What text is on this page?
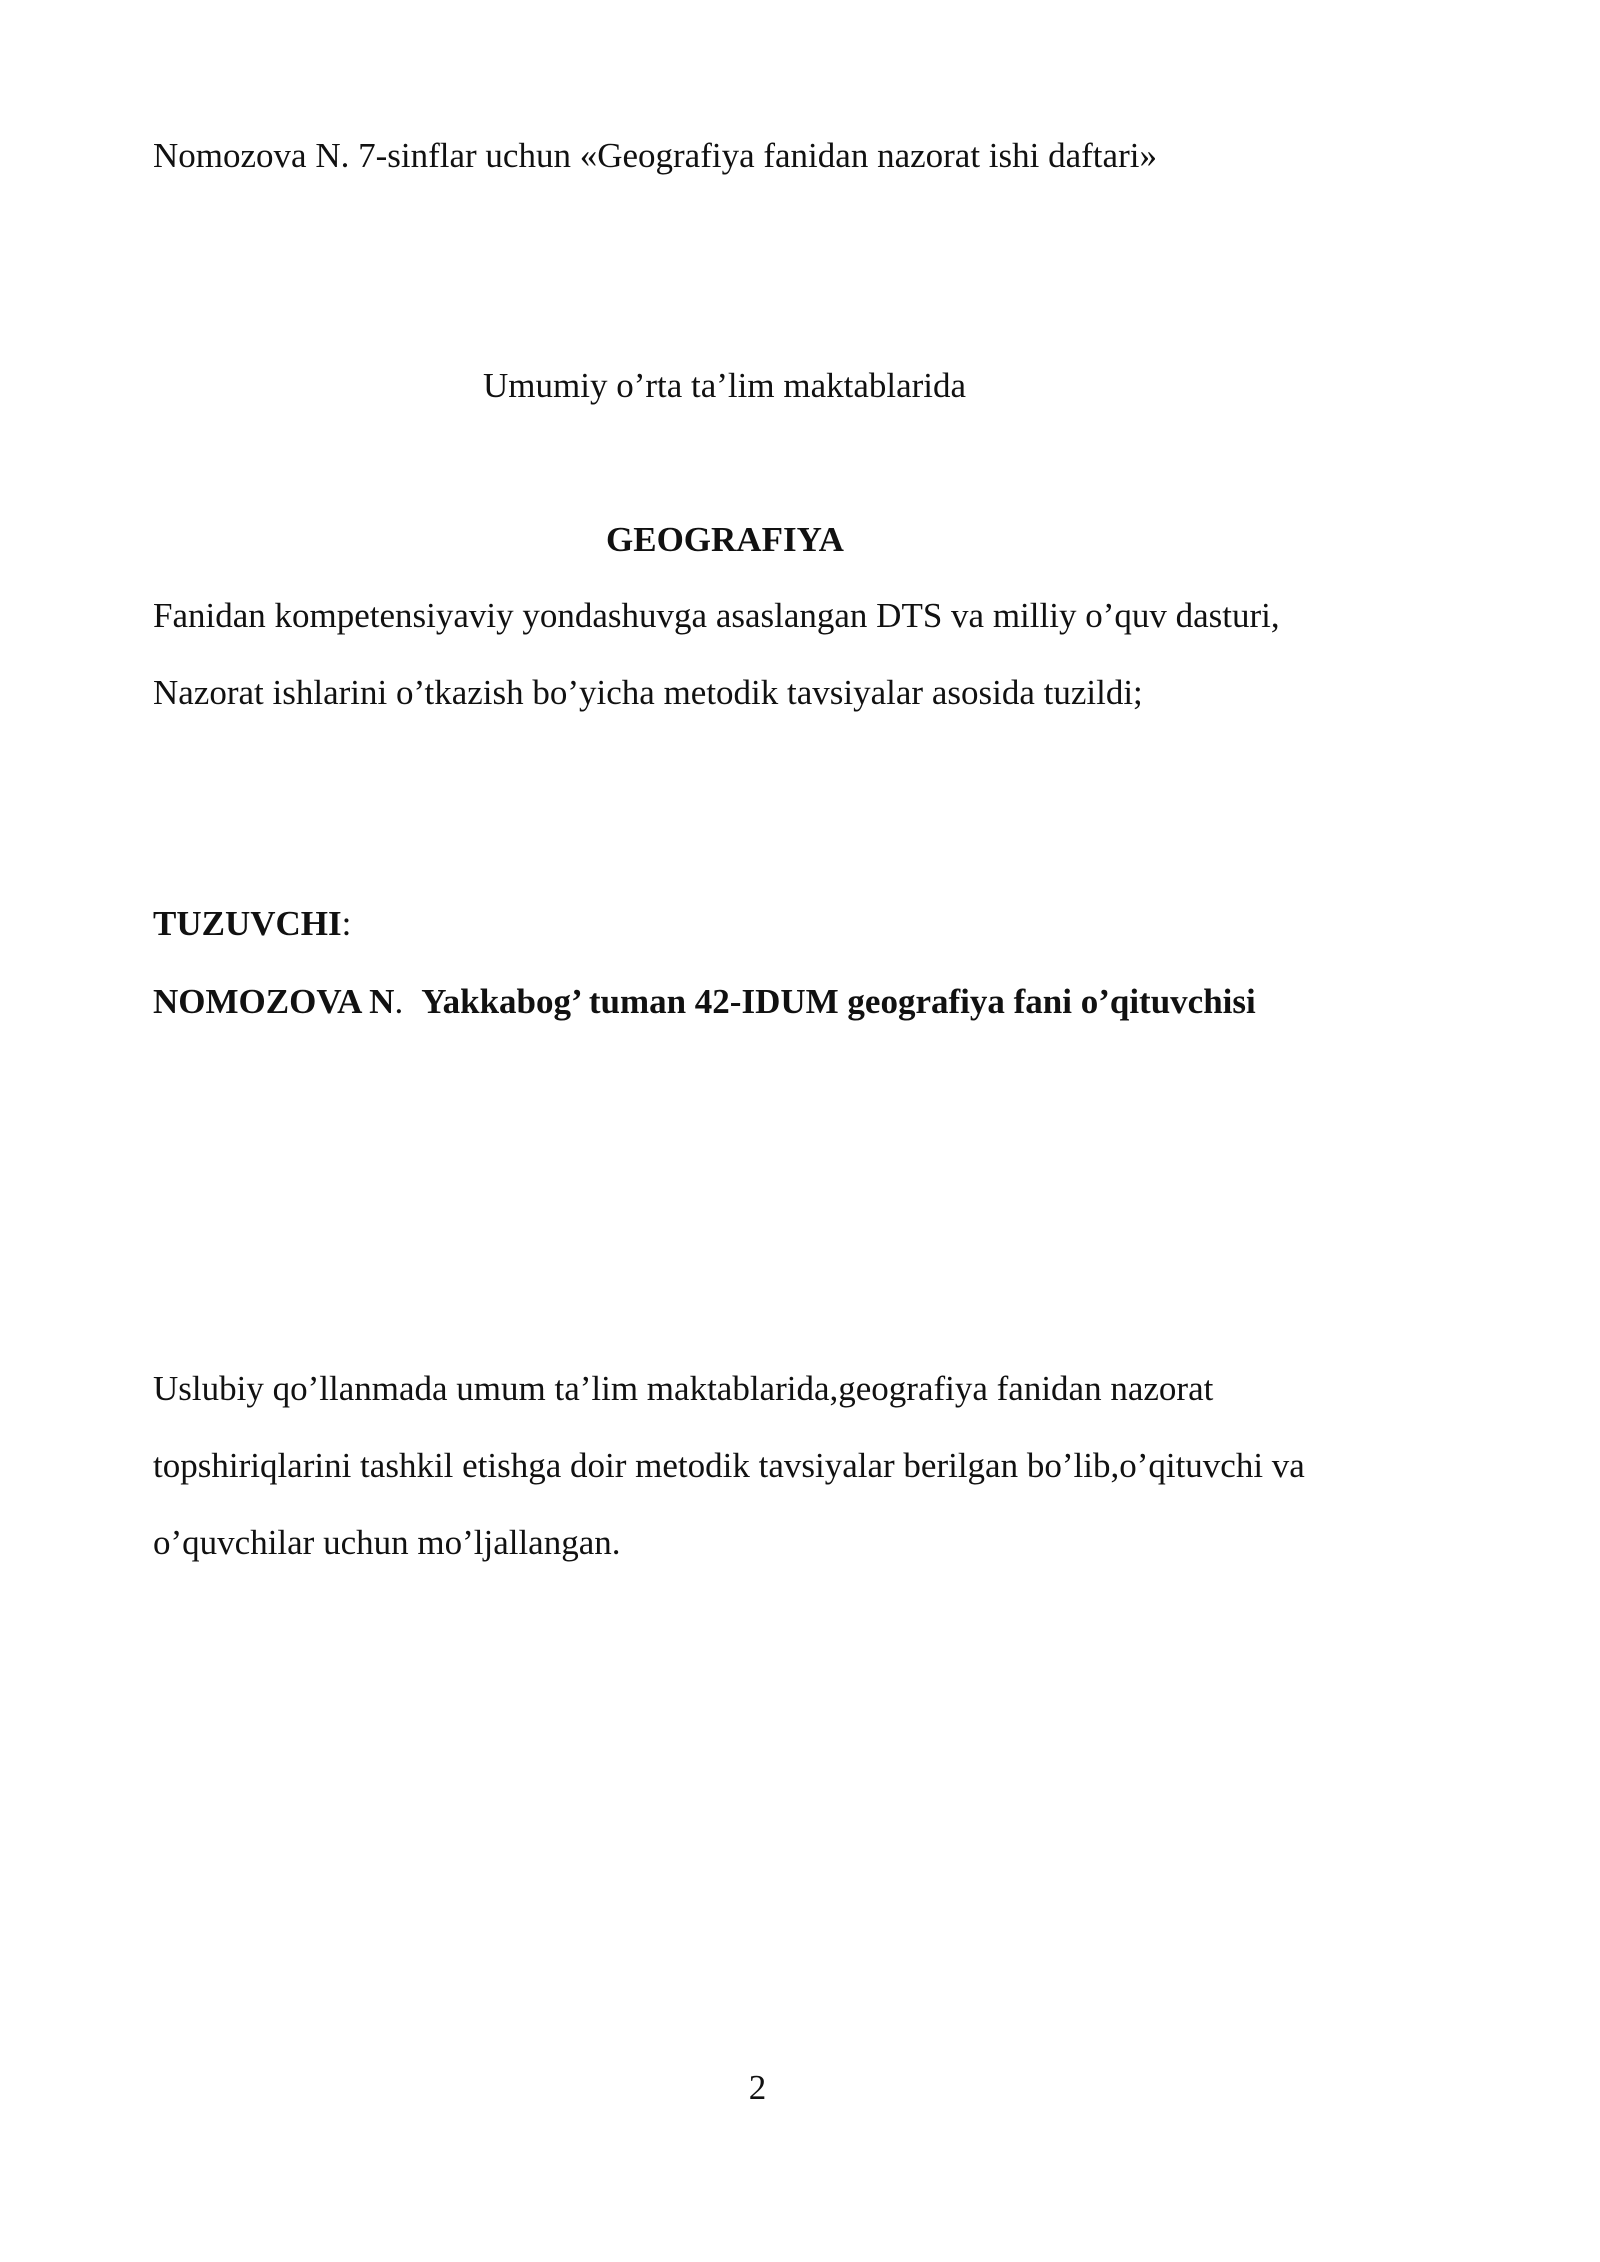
Nomozova N. 7-sinflar uchun «Geografiya fanidan nazorat ishi daftari»
Umumiy o’rta ta’lim maktablarida
GEOGRAFIYA
Fanidan kompetensiyaviy yondashuvga asaslangan DTS va milliy o’quv dasturi,
Nazorat ishlarini o’tkazish bo’yicha metodik tavsiyalar asosida tuzildi;
TUZUVCHI:
NOMOZOVA N. Yakkabog’ tuman 42-IDUM geografiya fani o’qituvchisi
Uslubiy qo’llanmada umum ta’lim maktablarida,geografiya fanidan nazorat
topshiriqlarini tashkil etishga doir metodik tavsiyalar berilgan bo’lib,o’qituvchi va
o’quvchilar uchun mo’ljallangan.
2
